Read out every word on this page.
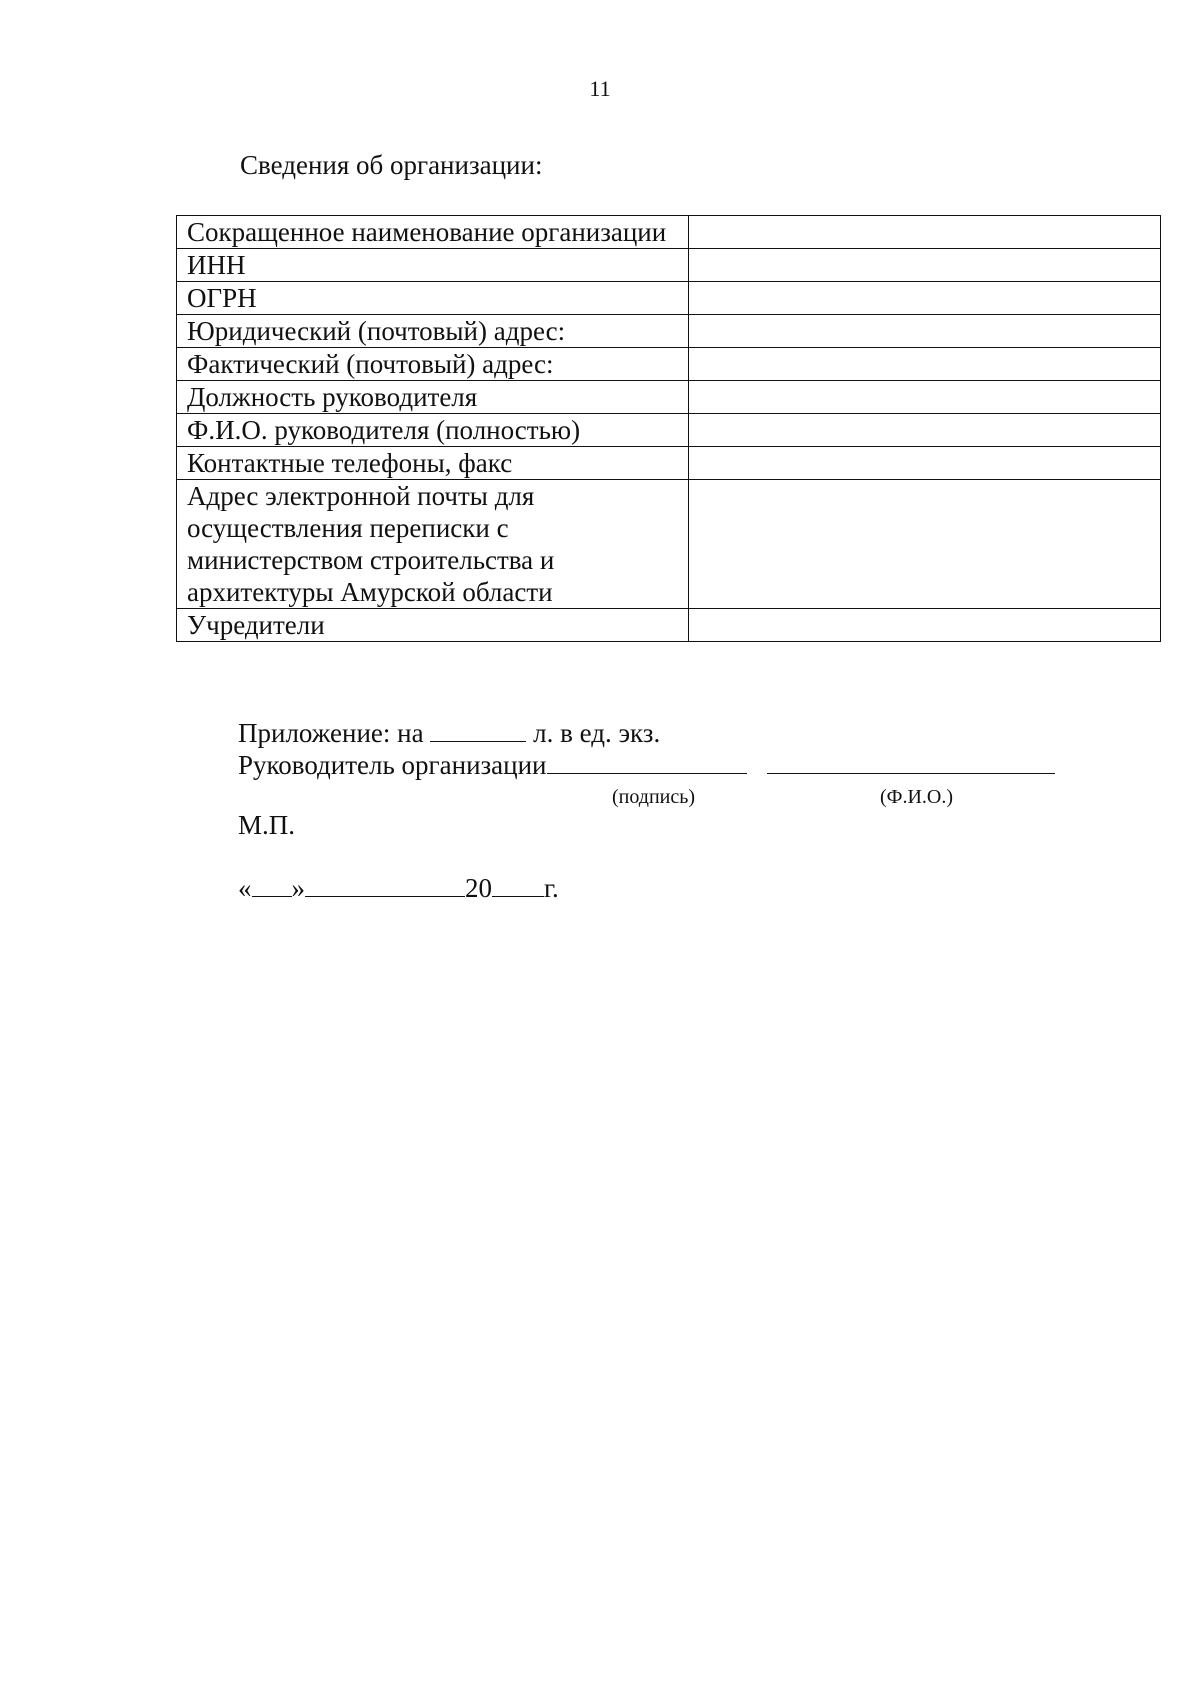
11
Сведения об организации:
Сокращенное наименование организации	
ИНН	
ОГРН	
Юридический (почтовый) адрес:	
Фактический (почтовый) адрес:	
Должность руководителя	
Ф.И.О. руководителя (полностью)	
Контактные телефоны, факс	
Адрес электронной почты для осуществления переписки с министерством строительства и архитектуры Амурской области	
Учредители	
Приложение: на	л. в ед. экз.
Руководитель организации
(подпись)	(Ф.И.О.)
М.П.
« »	20 г.
